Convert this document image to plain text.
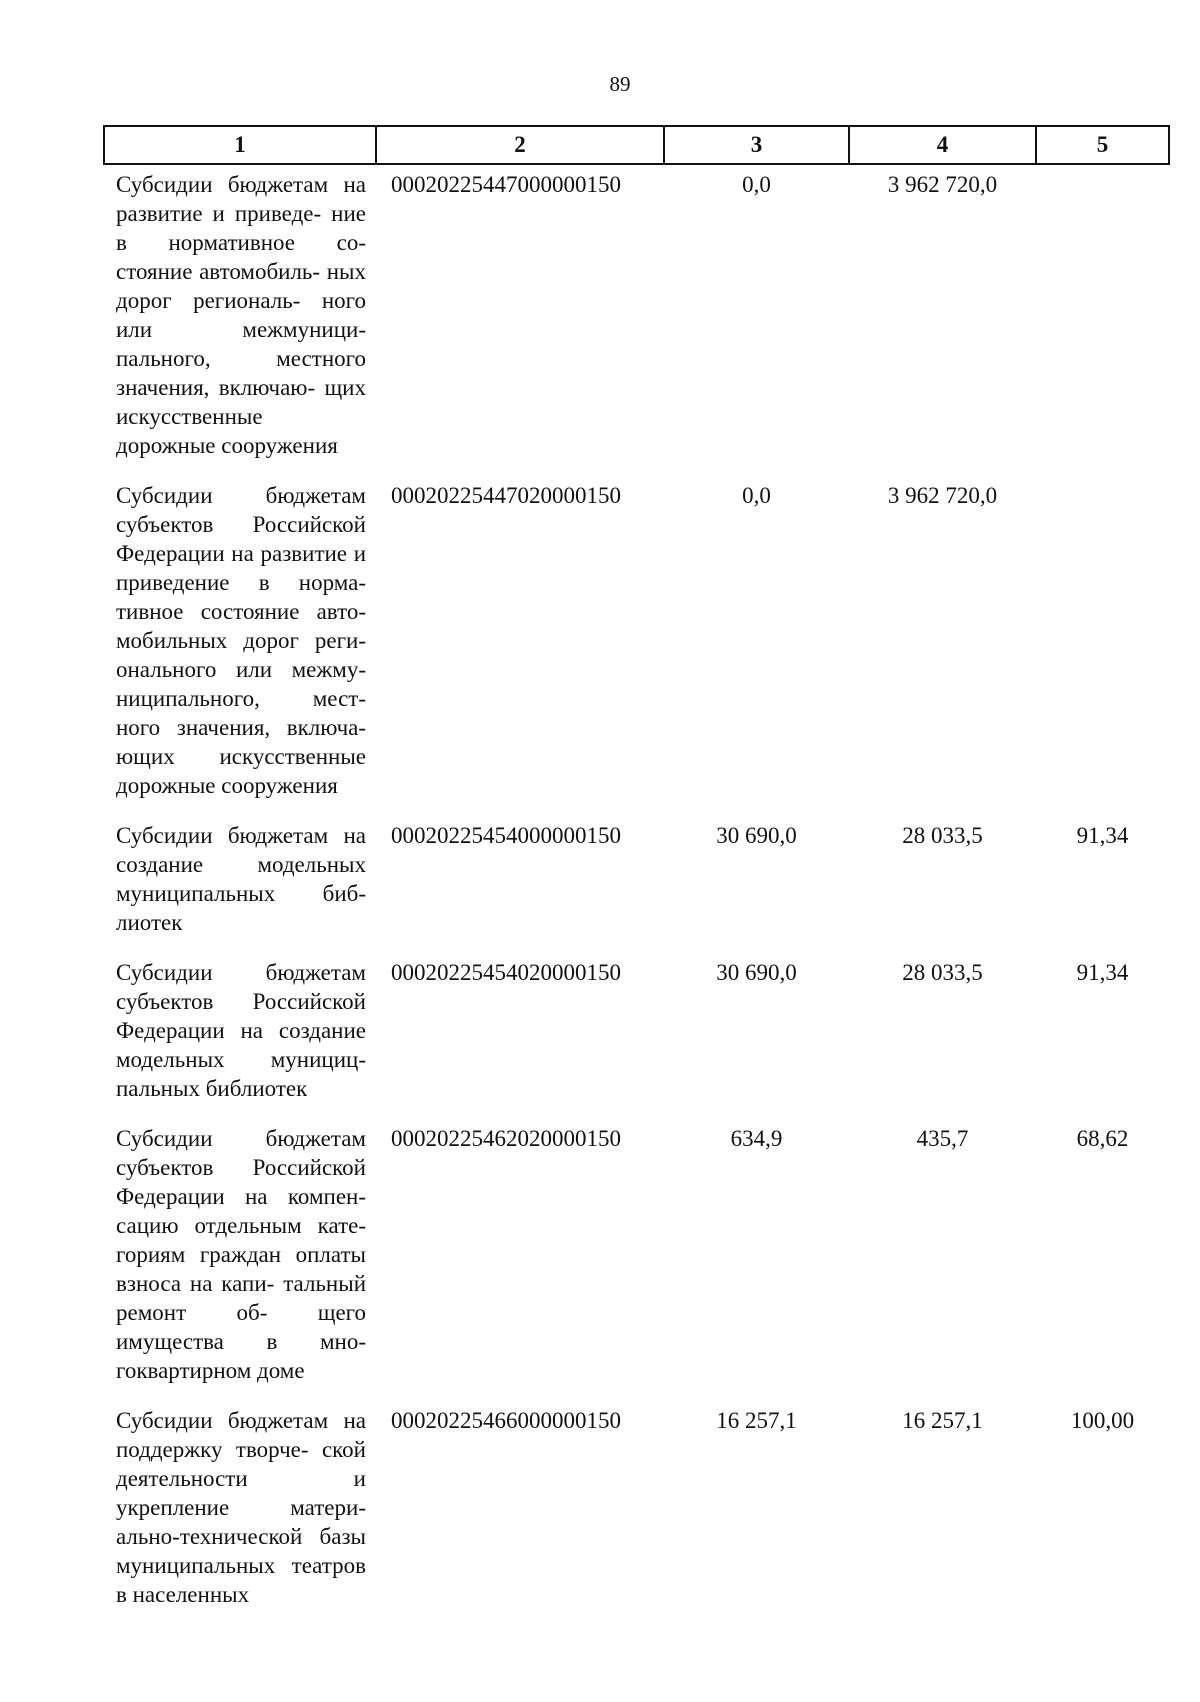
89
1	2	3	4	5
Субсидии бюджетам на развитие и приведе- ние в нормативное со- стояние автомобиль- ных дорог региональ- ного или межмуници- пального, местного значения, включаю- щих искусственные дорожные сооружения	00020225447000000150	0,0	3 962 720,0	
Субсидии бюджетам субъектов Российской Федерации на развитие и приведение в норма- тивное состояние авто- мобильных дорог реги- онального или межму- ниципального, мест- ного значения, включа- ющих искусственные дорожные сооружения	00020225447020000150	0,0	3 962 720,0	
Субсидии бюджетам на создание модельных муниципальных биб- лиотек	00020225454000000150	30 690,0	28 033,5	91,34
Субсидии бюджетам субъектов Российской Федерации на создание модельных мунициц- пальных библиотек	00020225454020000150	30 690,0	28 033,5	91,34
Субсидии бюджетам субъектов Российской Федерации на компен- сацию отдельным кате- гориям граждан оплаты взноса на капи- тальный ремонт об- щего имущества в мно- гоквартирном доме	00020225462020000150	634,9	435,7	68,62
Субсидии бюджетам на поддержку творче- ской деятельности и укрепление матери- ально-технической базы муниципальных театров в населенных	00020225466000000150	16 257,1	16 257,1	100,00
